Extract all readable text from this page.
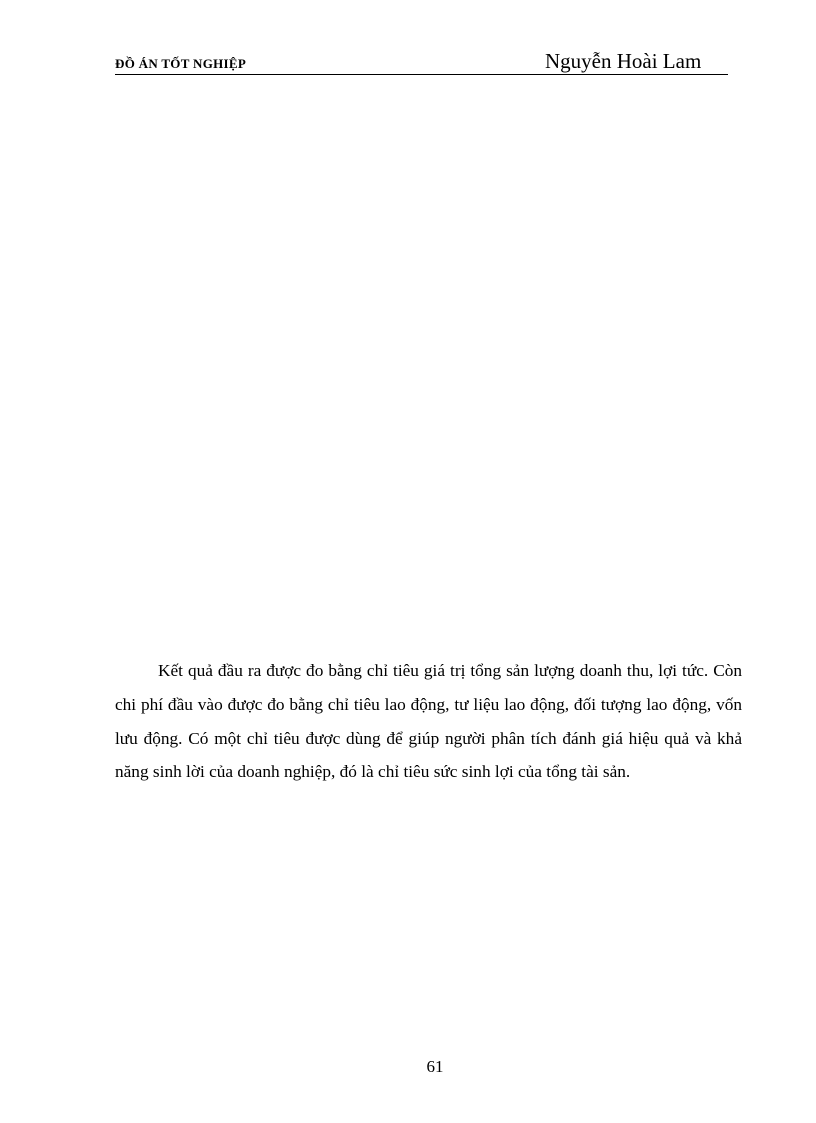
ĐỒ ÁN TỐT NGHIỆP	Nguyễn Hoài Lam

Kết quả đầu ra được đo bằng chỉ tiêu giá trị tổng sản lượng doanh thu, lợi tức. Còn chi phí đầu vào được đo bằng chỉ tiêu lao động, tư liệu lao động, đối tượng lao động, vốn lưu động. Có một chỉ tiêu được dùng để giúp người phân tích đánh giá hiệu quả và khả năng sinh lời của doanh nghiệp, đó là chỉ tiêu sức sinh lợi của tổng tài sản.

61
